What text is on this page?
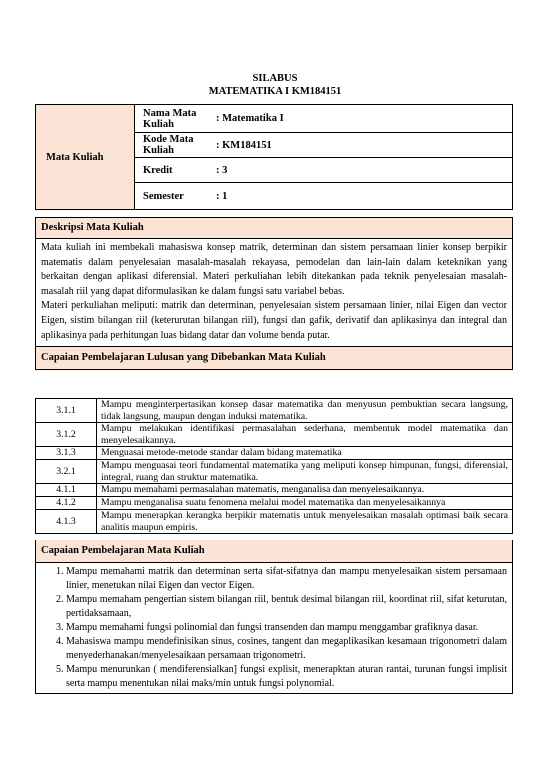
SILABUS
MATEMATIKA I KM184151
Mata Kuliah	Nama Mata Kuliah	: Matematika I
	Kode Mata Kuliah	: KM184151
	Kredit	: 3
	Semester	: 1
Deskripsi Mata Kuliah
Mata kuliah ini membekali mahasiswa konsep matrik, determinan dan sistem persamaan linier konsep berpikir matematis dalam penyelesaian masalah-masalah rekayasa, pemodelan dan lain-lain dalam keteknikan yang berkaitan dengan aplikasi diferensial. Materi perkuliahan lebih ditekankan pada teknik penyelesaian masalah-masalah riil yang dapat diformulasikan ke dalam fungsi satu variabel bebas.
Materi perkuliahan meliputi: matrik dan determinan, penyelesaian sistem persamaan linier, nilai Eigen dan vector Eigen, sistim bilangan riil (keterurutan bilangan riil), fungsi dan gafik, derivatif dan aplikasinya dan integral dan aplikasinya pada perhitungan luas bidang datar dan volume benda putar.
Capaian Pembelajaran Lulusan yang Dibebankan Mata Kuliah
3.1.1	Mampu menginterpertasikan konsep dasar matematika dan menyusun pembuktian secara langsung, tidak langsung, maupun dengan induksi matematika.
3.1.2	Mampu melakukan identifikasi permasalahan sederhana, membentuk model matematika dan menyelesaikannya.
3.1.3	Menguasai metode-metode standar dalam bidang matematika
3.2.1	Mampu menguasai teori fundamental matematika yang meliputi konsep himpunan, fungsi, diferensial, integral, ruang dan struktur matematika.
4.1.1	Mampu memahami permasalahan matematis, menganalisa dan menyelesaikannya.
4.1.2	Mampu menganalisa suatu fenomena melalui model matematika dan menyelesaikannya
4.1.3	Mampu menerapkan kerangka berpikir matematis untuk menyelesaikan masalah optimasi baik secara analitis maupun empiris.
Capaian Pembelajaran Mata Kuliah
1. Mampu memahami matrik dan determinan serta sifat-sifatnya dan mampu menyelesaikan sistem persamaan linier, menetukan nilai Eigen dan vector Eigen.
2. Mampu memaham pengertian sistem bilangan riil, bentuk desimal bilangan riil, koordinat riil, sifat keturutan, pertidaksamaan,
3. Mampu memahami fungsi polinomial dan fungsi transenden dan mampu menggambar grafiknya dasar.
4. Mahasiswa mampu mendefinisikan sinus, cosines, tangent dan megaplikasikan kesamaan trigonometri dalam menyederhanakan/menyelesaikaan persamaan trigonometri.
5. Mampu menurunkan ( mendiferensialkan] fungsi explisit, menerapktan aturan rantai, turunan fungsi implisit serta mampu menentukan nilai maks/min untuk fungsi polynomial.
